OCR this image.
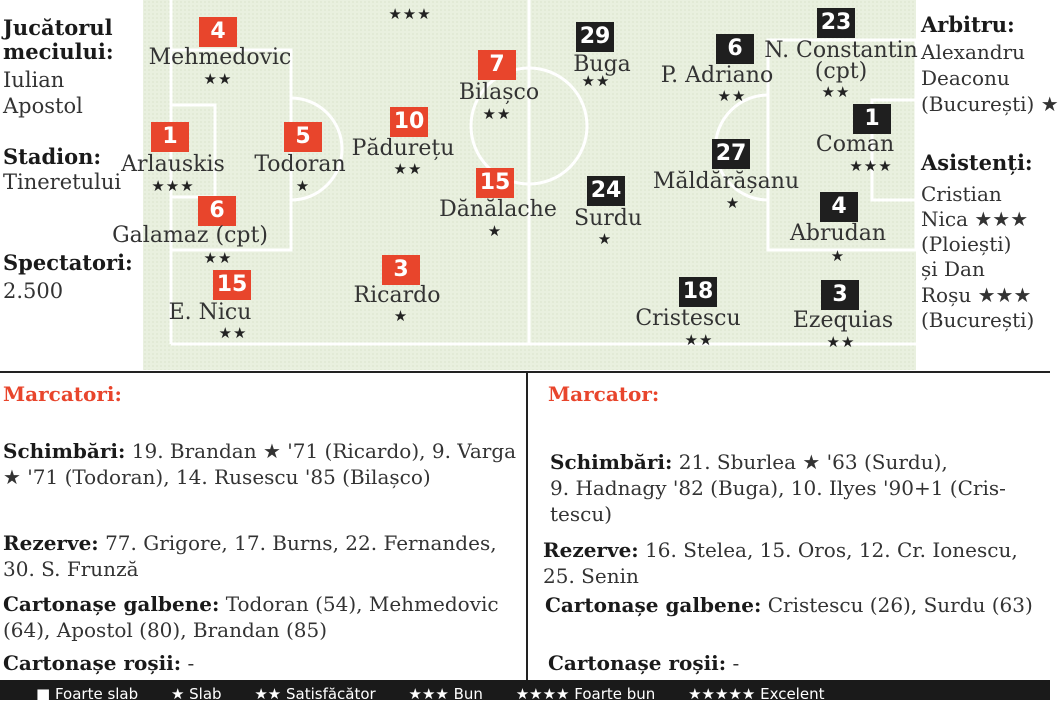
Jucătorul meciului:
Iulian
Apostol
Stadion:
Tineretului
Spectatori:
2.500
★★★
4
Mehmedovic
★★
1
Arlauskis
★★★
5
Todoran
★
10
Pădurețu
★★
7
Bilașco
★★
6
Galamaz (cpt)
★★
15
Dănălache
★
15
E. Nicu
★★
3
Ricardo
★
29
Buga
★★
6
P. Adriano
★★
23
N. Constantin
(cpt)
★★
1
Coman
★★★
27
Măldărășanu
★
24
Surdu
★
4
Abrudan
★
18
Cristescu
★★
3
Ezequias
★★
Arbitru:
Alexandru
Deaconu
(București) ★
Asistenți:
Cristian
Nica ★★★
(Ploiești)
și Dan
Roșu ★★★
(București)
Marcatori:
Schimbări: 19. Brandan ★ '71 (Ricardo), 9. Varga
★ '71 (Todoran), 14. Rusescu '85 (Bilașco)
Rezerve: 77. Grigore, 17. Burns, 22. Fernandes,
30. S. Frunză
Cartonașe galbene: Todoran (54), Mehmedovic
(64), Apostol (80), Brandan (85)
Cartonașe roșii: -
Marcator:
Schimbări: 21. Sburlea ★ '63 (Surdu),
9. Hadnagy '82 (Buga), 10. Ilyes '90+1 (Cris-
tescu)
Rezerve: 16. Stelea, 15. Oros, 12. Cr. Ionescu,
25. Senin
Cartonașe galbene: Cristescu (26), Surdu (63)
Cartonașe roșii: -
■ Foarte slab ★ Slab ★★ Satisfăcător ★★★ Bun ★★★★ Foarte bun ★★★★★ Excelent
